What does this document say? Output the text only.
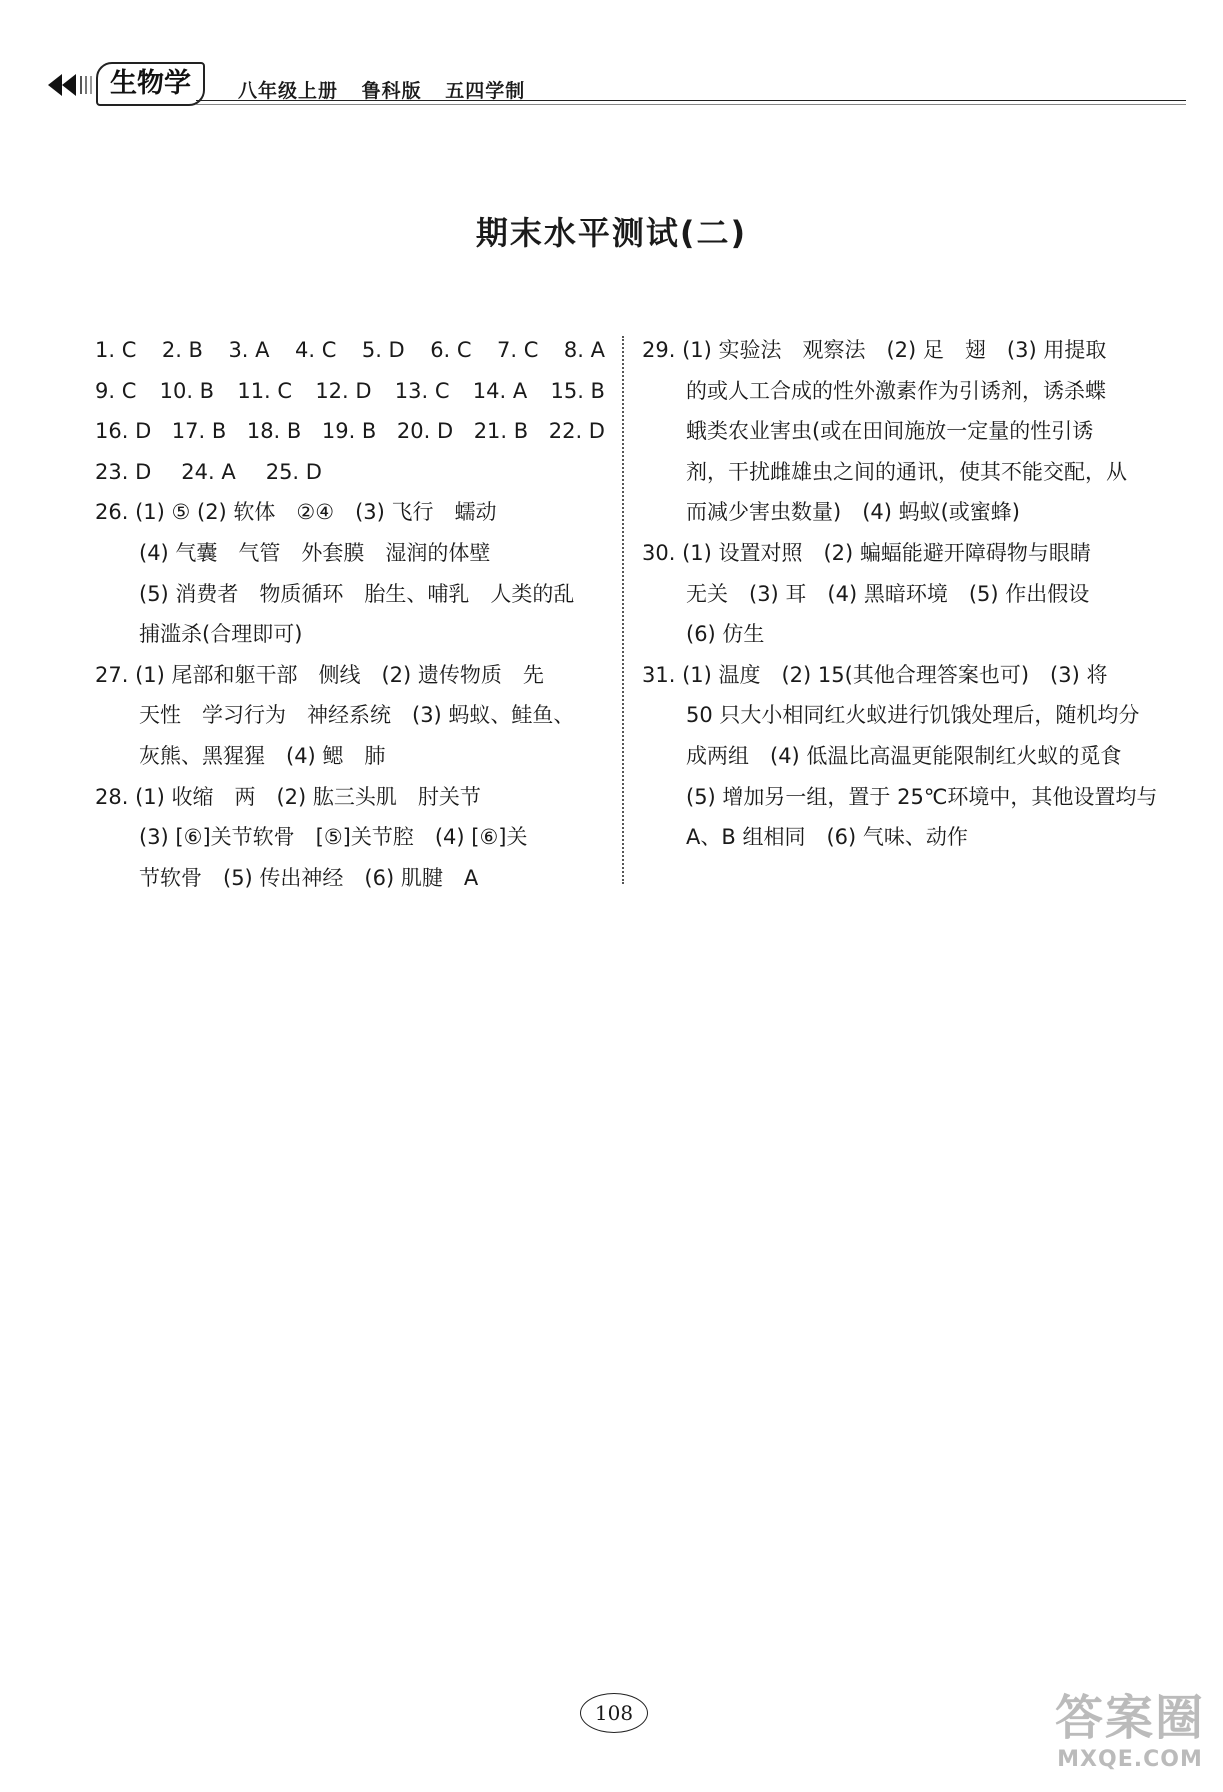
生物学	八年级上册 鲁科版 五四学制
期末水平测试(二)
1. C 2. B 3. A 4. C 5. D 6. C 7. C 8. A
9. C 10. B 11. C 12. D 13. C 14. A 15. B
16. D 17. B 18. B 19. B 20. D 21. B 22. D
23. D 24. A 25. D
26. (1) ⑤ (2) 软体　②④　(3) 飞行　蠕动
(4) 气囊　气管　外套膜　湿润的体壁
(5) 消费者　物质循环　胎生、哺乳　人类的乱
捕滥杀(合理即可)
27. (1) 尾部和躯干部　侧线　(2) 遗传物质　先
天性　学习行为　神经系统　(3) 蚂蚁、鲑鱼、
灰熊、黑猩猩　(4) 鳃　肺
28. (1) 收缩　两　(2) 肱三头肌　肘关节
(3) [⑥]关节软骨　[⑤]关节腔　(4) [⑥]关
节软骨　(5) 传出神经　(6) 肌腱　A
29. (1) 实验法　观察法　(2) 足　翅　(3) 用提取
的或人工合成的性外激素作为引诱剂，诱杀蝶
蛾类农业害虫(或在田间施放一定量的性引诱
剂，干扰雌雄虫之间的通讯，使其不能交配，从
而减少害虫数量)　(4) 蚂蚁(或蜜蜂)
30. (1) 设置对照　(2) 蝙蝠能避开障碍物与眼睛
无关　(3) 耳　(4) 黑暗环境　(5) 作出假设
(6) 仿生
31. (1) 温度　(2) 15(其他合理答案也可)　(3) 将
50 只大小相同红火蚁进行饥饿处理后，随机均分
成两组　(4) 低温比高温更能限制红火蚁的觅食
(5) 增加另一组，置于 25℃环境中，其他设置均与
A、B 组相同　(6) 气味、动作
108	答案圈
MXQE.COM
